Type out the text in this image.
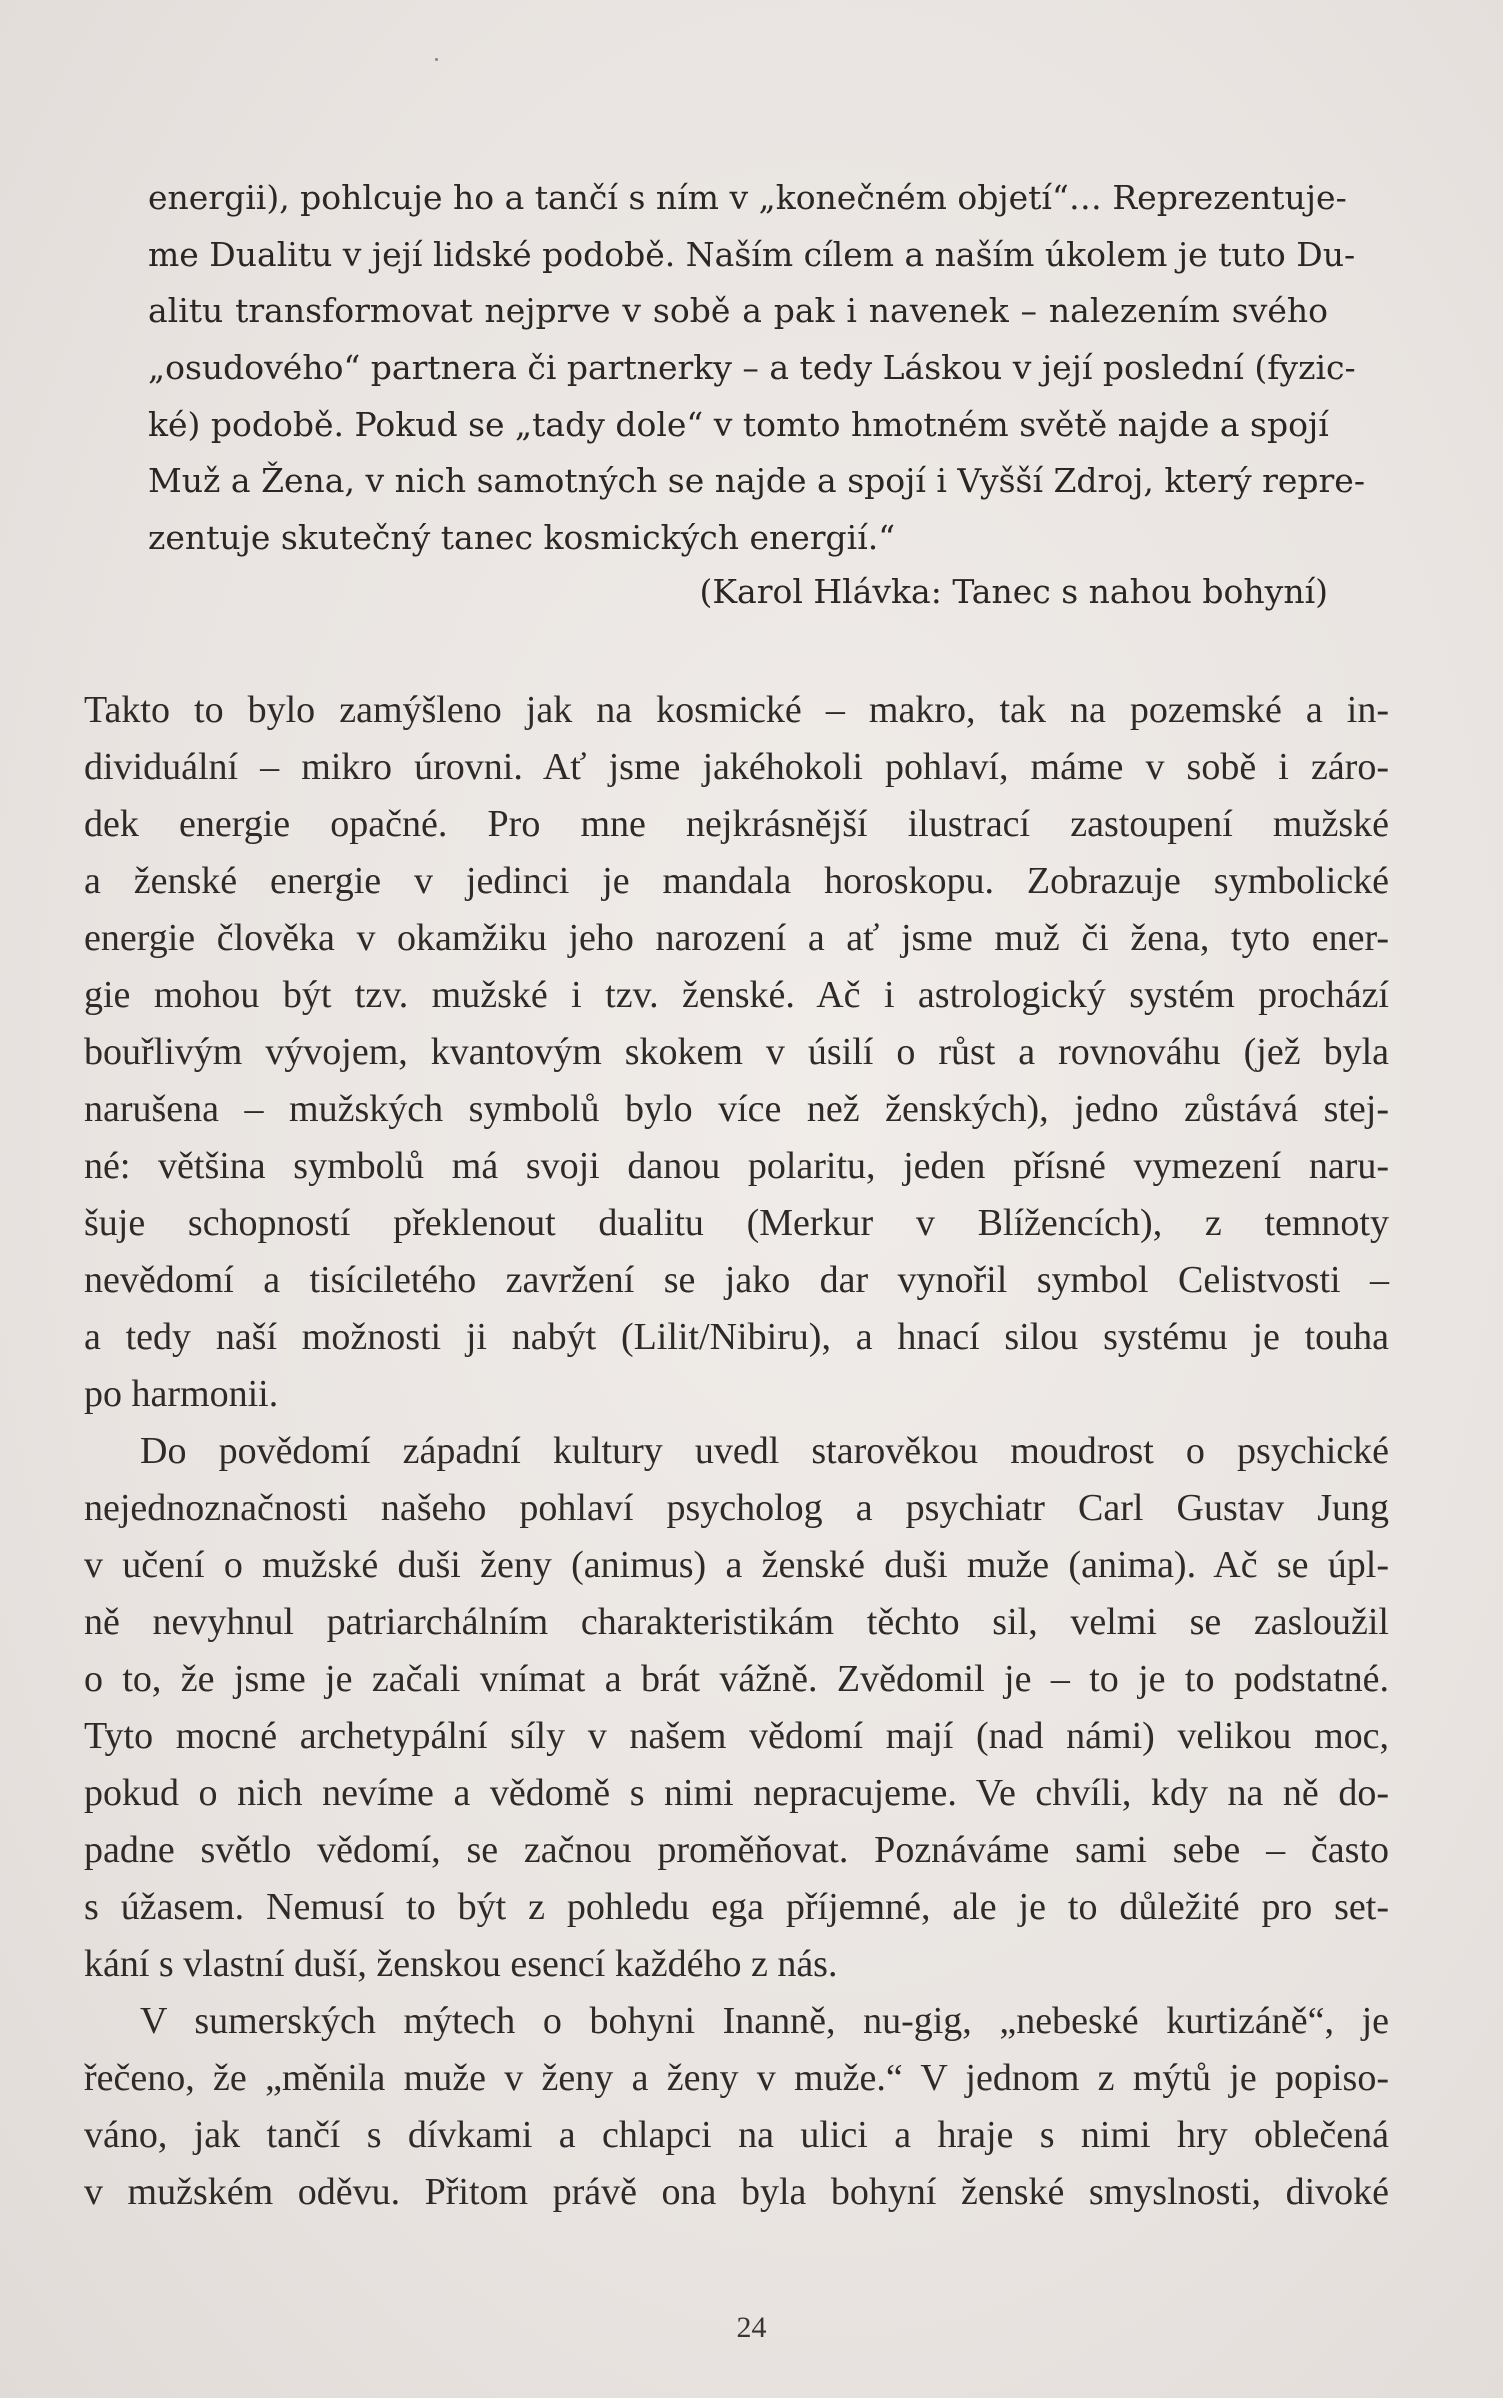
energii), pohlcuje ho a tančí s ním v „konečném objetí“… Reprezentuje-

me Dualitu v její lidské podobě. Naším cílem a naším úkolem je tuto Du-

alitu transformovat nejprve v sobě a pak i navenek – nalezením svého

„osudového“ partnera či partnerky – a tedy Láskou v její poslední (fyzic-

ké) podobě. Pokud se „tady dole“ v tomto hmotném světě najde a spojí

Muž a Žena, v nich samotných se najde a spojí i Vyšší Zdroj, který repre-

zentuje skutečný tanec kosmických energií.“

(Karol Hlávka: Tanec s nahou bohyní)

Takto to bylo zamýšleno jak na kosmické – makro, tak na pozemské a in-

dividuální – mikro úrovni. Ať jsme jakéhokoli pohlaví, máme v sobě i záro-

dek energie opačné. Pro mne nejkrásnější ilustrací zastoupení mužské

a ženské energie v jedinci je mandala horoskopu. Zobrazuje symbolické

energie člověka v okamžiku jeho narození a ať jsme muž či žena, tyto ener-

gie mohou být tzv. mužské i tzv. ženské. Ač i astrologický systém prochází

bouřlivým vývojem, kvantovým skokem v úsilí o růst a rovnováhu (jež byla

narušena – mužských symbolů bylo více než ženských), jedno zůstává stej-

né: většina symbolů má svoji danou polaritu, jeden přísné vymezení naru-

šuje schopností překlenout dualitu (Merkur v Blížencích), z temnoty

nevědomí a tisíciletého zavržení se jako dar vynořil symbol Celistvosti –

a tedy naší možnosti ji nabýt (Lilit/Nibiru), a hnací silou systému je touha

po harmonii.

Do povědomí západní kultury uvedl starověkou moudrost o psychické

nejednoznačnosti našeho pohlaví psycholog a psychiatr Carl Gustav Jung

v učení o mužské duši ženy (animus) a ženské duši muže (anima). Ač se úpl-

ně nevyhnul patriarchálním charakteristikám těchto sil, velmi se zasloužil

o to, že jsme je začali vnímat a brát vážně. Zvědomil je – to je to podstatné.

Tyto mocné archetypální síly v našem vědomí mají (nad námi) velikou moc,

pokud o nich nevíme a vědomě s nimi nepracujeme. Ve chvíli, kdy na ně do-

padne světlo vědomí, se začnou proměňovat. Poznáváme sami sebe – často

s úžasem. Nemusí to být z pohledu ega příjemné, ale je to důležité pro set-

kání s vlastní duší, ženskou esencí každého z nás.

V sumerských mýtech o bohyni Inanně, nu-gig, „nebeské kurtizáně“, je

řečeno, že „měnila muže v ženy a ženy v muže.“ V jednom z mýtů je popiso-

váno, jak tančí s dívkami a chlapci na ulici a hraje s nimi hry oblečená

v mužském oděvu. Přitom právě ona byla bohyní ženské smyslnosti, divoké

24
